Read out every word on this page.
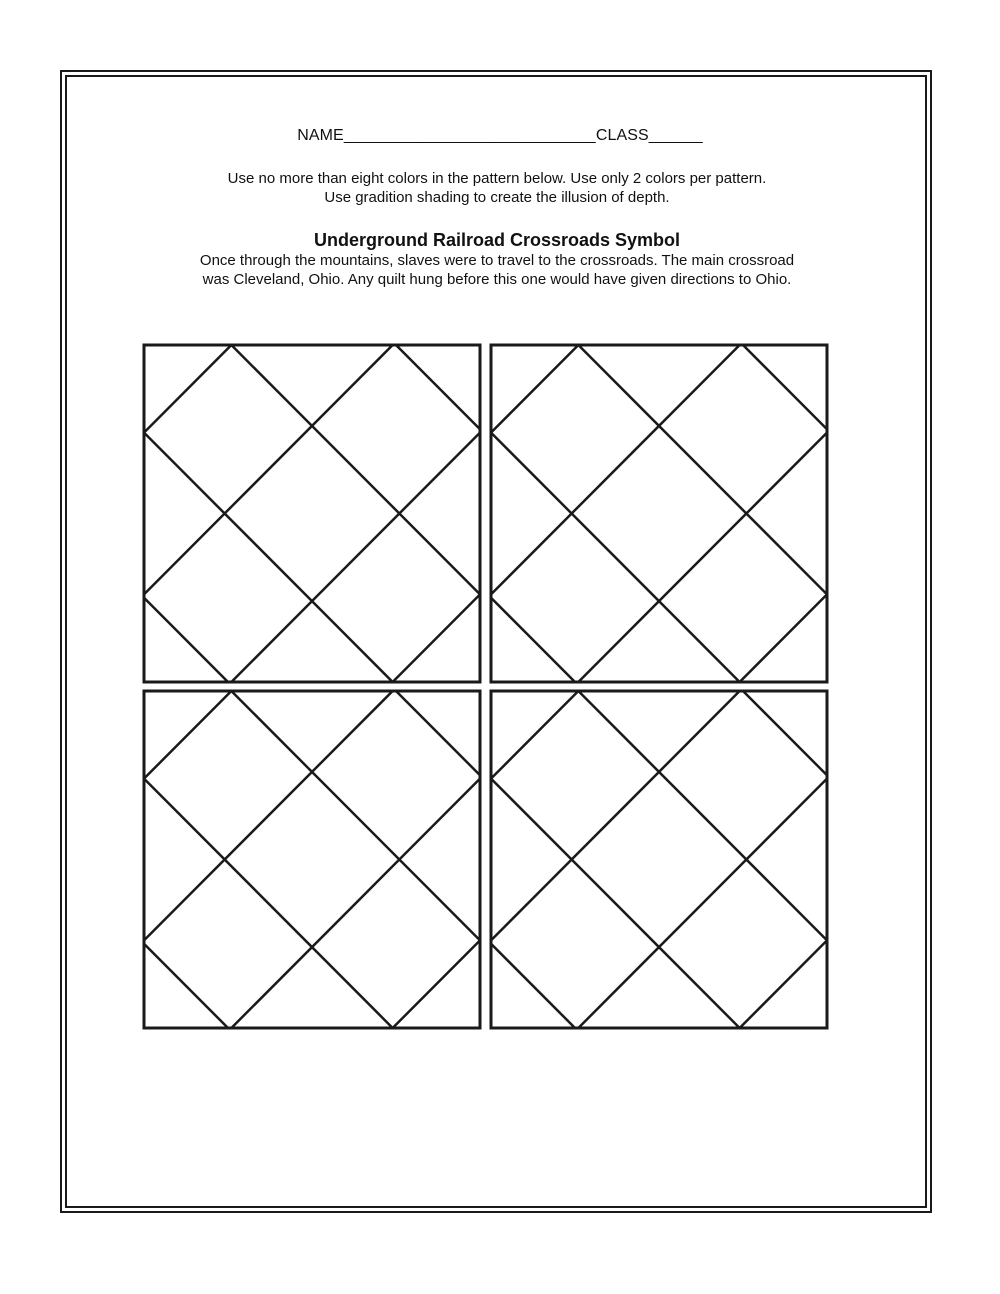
NAME____________________________CLASS______
Use no more than eight colors in the pattern below. Use only 2 colors per pattern.
Use gradition shading to create the illusion of depth.
Underground Railroad Crossroads Symbol
Once through the mountains, slaves were to travel to the crossroads. The main crossroad
was Cleveland, Ohio. Any quilt hung before this one would have given directions to Ohio.
